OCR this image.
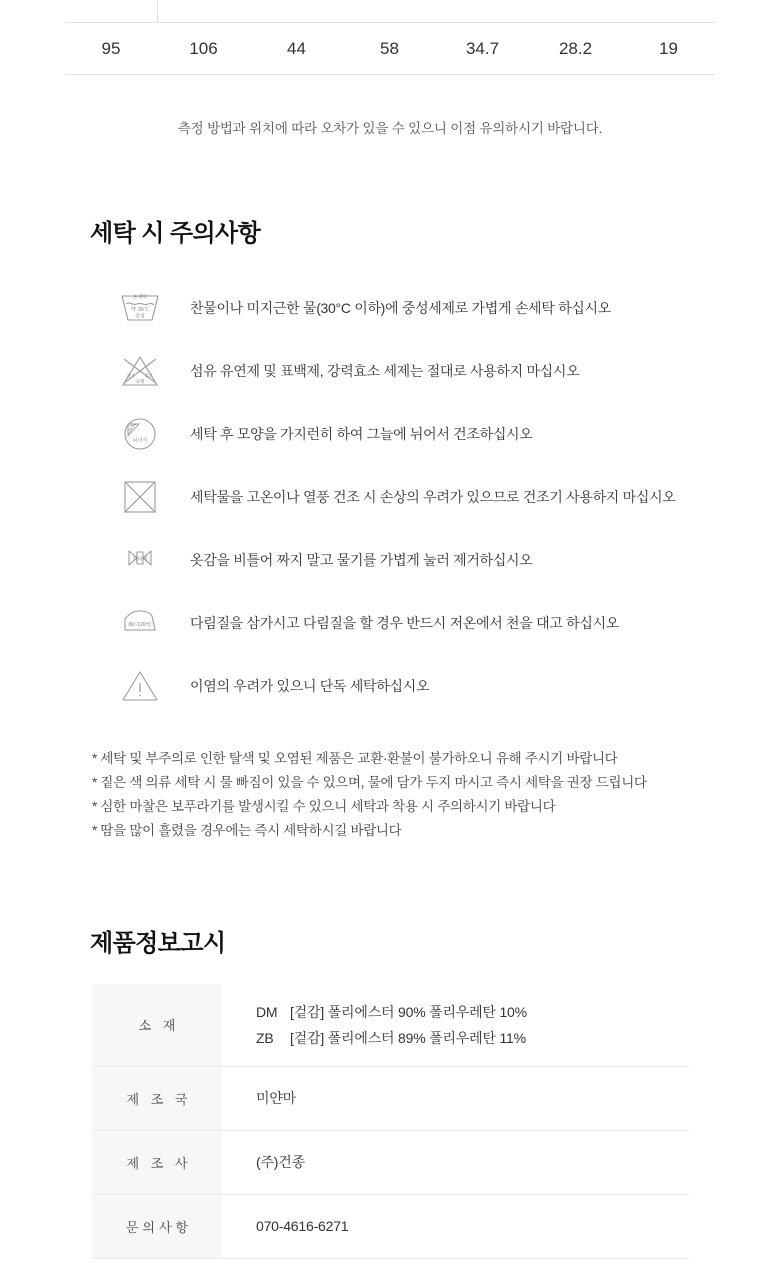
95	106	44	58	34.7	28.2	19
측정 방법과 위치에 따라 오차가 있을 수 있으니 이점 유의하시기 바랍니다.
세탁 시 주의사항
손세탁
약 30℃
중성
찬물이나 미지근한 물(30°C 이하)에 중성세제로 가볍게 손세탁 하십시오
산소 염소
표백
섬유 유연제 및 표백제, 강력효소 세제는 절대로 사용하지 마십시오
뉘어서	세탁 후 모양을 가지런히 하여 그늘에 뉘어서 건조하십시오
세탁물을 고온이나 열풍 건조 시 손상의 우려가 있으므로 건조기 사용하지 마십시오
약하게	옷감을 비틀어 짜지 말고 물기를 가볍게 눌러 제거하십시오
80~120℃	다림질을 삼가시고 다림질을 할 경우 반드시 저온에서 천을 대고 하십시오
이염의 우려가 있으니 단독 세탁하십시오
* 세탁 및 부주의로 인한 탈색 및 오염된 제품은 교환·환불이 불가하오니 유해 주시기 바랍니다
* 짙은 색 의류 세탁 시 물 빠짐이 있을 수 있으며, 물에 담가 두지 마시고 즉시 세탁을 권장 드립니다
* 심한 마찰은 보푸라기를 발생시킬 수 있으니 세탁과 착용 시 주의하시기 바랍니다
* 땀을 많이 흘렸을 경우에는 즉시 세탁하시길 바랍니다
제품정보고시
소 재	DM [겉감] 폴리에스터 90% 폴리우레탄 10%
ZB [겉감] 폴리에스터 89% 폴리우레탄 11%

제 조 국	미얀마
제 조 사	(주)건종
문의사항	070-4616-6271
